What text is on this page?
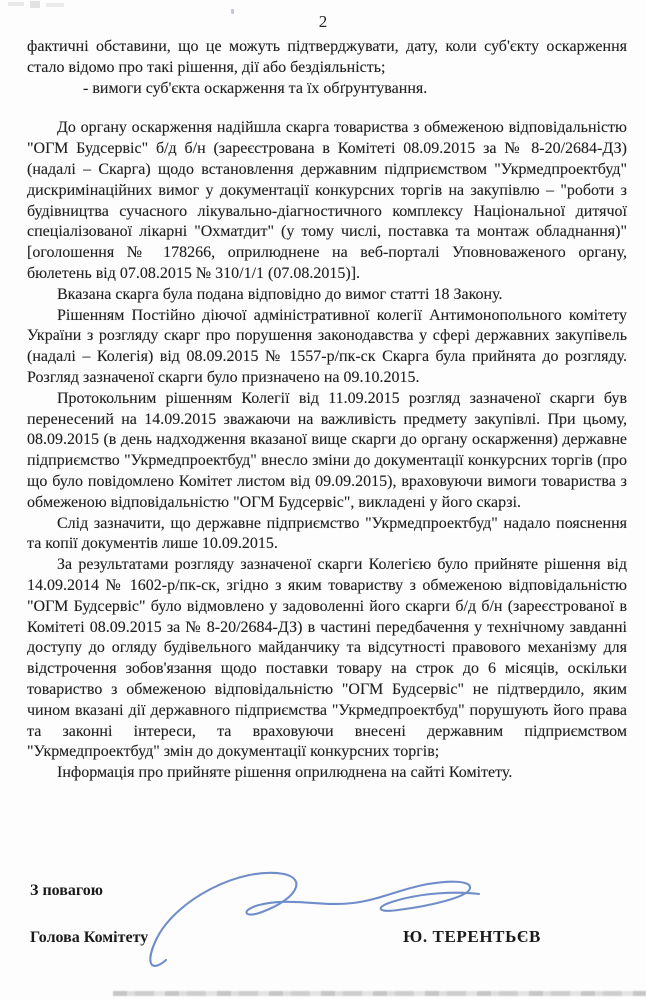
2

фактичні обставини, що це можуть підтверджувати, дату, коли суб'єкту оскарження стало відомо про такі рішення, дії або бездіяльність;

- вимоги суб'єкта оскарження та їх обґрунтування.

До органу оскарження надійшла скарга товариства з обмеженою відповідальністю "ОГМ Будсервіс" б/д б/н (зареєстрована в Комітеті 08.09.2015 за № 8-20/2684-ДЗ) (надалі – Скарга) щодо встановлення державним підприємством "Укрмедпроектбуд" дискримінаційних вимог у документації конкурсних торгів на закупівлю – "роботи з будівництва сучасного лікувально-діагностичного комплексу Національної дитячої спеціалізованої лікарні "Охматдит" (у тому числі, поставка та монтаж обладнання)" [оголошення № 178266, оприлюднене на веб-порталі Уповноваженого органу, бюлетень від 07.08.2015 № 310/1/1 (07.08.2015)].

Вказана скарга була подана відповідно до вимог статті 18 Закону.

Рішенням Постійно діючої адміністративної колегії Антимонопольного комітету України з розгляду скарг про порушення законодавства у сфері державних закупівель (надалі – Колегія) від 08.09.2015 № 1557-р/пк-ск Скарга була прийнята до розгляду. Розгляд зазначеної скарги було призначено на 09.10.2015.

Протокольним рішенням Колегії від 11.09.2015 розгляд зазначеної скарги був перенесений на 14.09.2015 зважаючи на важливість предмету закупівлі. При цьому, 08.09.2015 (в день надходження вказаної вище скарги до органу оскарження) державне підприємство "Укрмедпроектбуд" внесло зміни до документації конкурсних торгів (про що було повідомлено Комітет листом від 09.09.2015), враховуючи вимоги товариства з обмеженою відповідальністю "ОГМ Будсервіс", викладені у його скарзі.

Слід зазначити, що державне підприємство "Укрмедпроектбуд" надало пояснення та копії документів лише 10.09.2015.

За результатами розгляду зазначеної скарги Колегією було прийняте рішення від 14.09.2014 № 1602-р/пк-ск, згідно з яким товариству з обмеженою відповідальністю "ОГМ Будсервіс" було відмовлено у задоволенні його скарги б/д б/н (зареєстрованої в Комітеті 08.09.2015 за № 8-20/2684-ДЗ) в частині передбачення у технічному завданні доступу до огляду будівельного майданчику та відсутності правового механізму для відстрочення зобов'язання щодо поставки товару на строк до 6 місяців, оскільки товариство з обмеженою відповідальністю "ОГМ Будсервіс" не підтвердило, яким чином вказані дії державного підприємства "Укрмедпроектбуд" порушують його права та законні інтереси, та враховуючи внесені державним підприємством "Укрмедпроектбуд" змін до документації конкурсних торгів;

Інформація про прийняте рішення оприлюднена на сайті Комітету.

З повагою

Голова Комітету	Ю. ТЕРЕНТЬЄВ
